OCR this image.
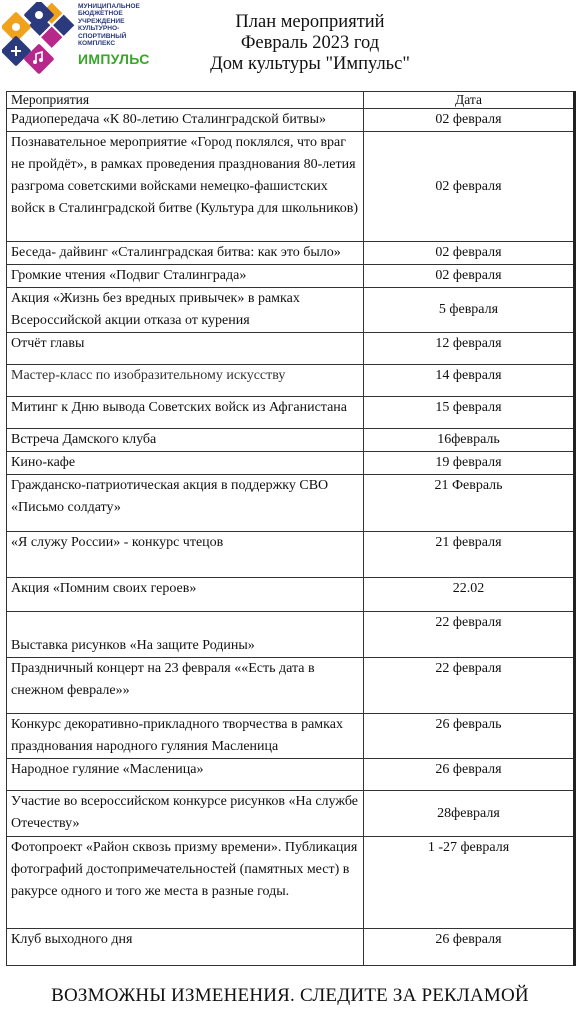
МУНИЦИПАЛЬНОЕ БЮДЖЕТНОЕ УЧРЕЖДЕНИЕ КУЛЬТУРНО-СПОРТИВНЫЙ КОМПЛЕКС
ИМПУЛЬС
План мероприятий
Февраль 2023 год
Дом культуры "Импульс"
Мероприятия	Дата
Радиопередача «К 80-летию Сталинградской битвы»	02 февраля
Познавательное мероприятие «Город поклялся, что враг не пройдёт», в рамках проведения празднования 80-летия разгрома советскими войсками немецко-фашистских войск в Сталинградской битве (Культура для школьников)	02 февраля
Беседа- дайвинг «Сталинградская битва: как это было»	02 февраля
Громкие чтения «Подвиг Сталинграда»	02 февраля
Акция «Жизнь без вредных привычек» в рамках Всероссийской акции отказа от курения	5 февраля
Отчёт главы	12 февраля
Мастер-класс по изобразительному искусству	14 февраля
Митинг к Дню вывода Советских войск из Афганистана	15 февраля
Встреча Дамского клуба	16февраль
Кино-кафе	19 февраля
Гражданско-патриотическая акция в поддержку СВО «Письмо солдату»	21 Февраль
«Я служу России» - конкурс чтецов	21 февраля
Акция «Помним своих героев»	22.02
Выставка рисунков «На защите Родины»	22 февраля
Праздничный концерт на 23 февраля ««Есть дата в снежном феврале»»	22 февраля
Конкурс декоративно-прикладного творчества в рамках празднования народного гуляния Масленица	26 февраль
Народное гуляние «Масленица»	26 февраля
Участие во всероссийском конкурсе рисунков «На службе Отечеству»	28февраля
Фотопроект «Район сквозь призму времени». Публикация фотографий достопримечательностей (памятных мест) в ракурсе одного и того же места в разные годы.	1 -27 февраля
Клуб выходного дня	26 февраля
ВОЗМОЖНЫ ИЗМЕНЕНИЯ. СЛЕДИТЕ ЗА РЕКЛАМОЙ
